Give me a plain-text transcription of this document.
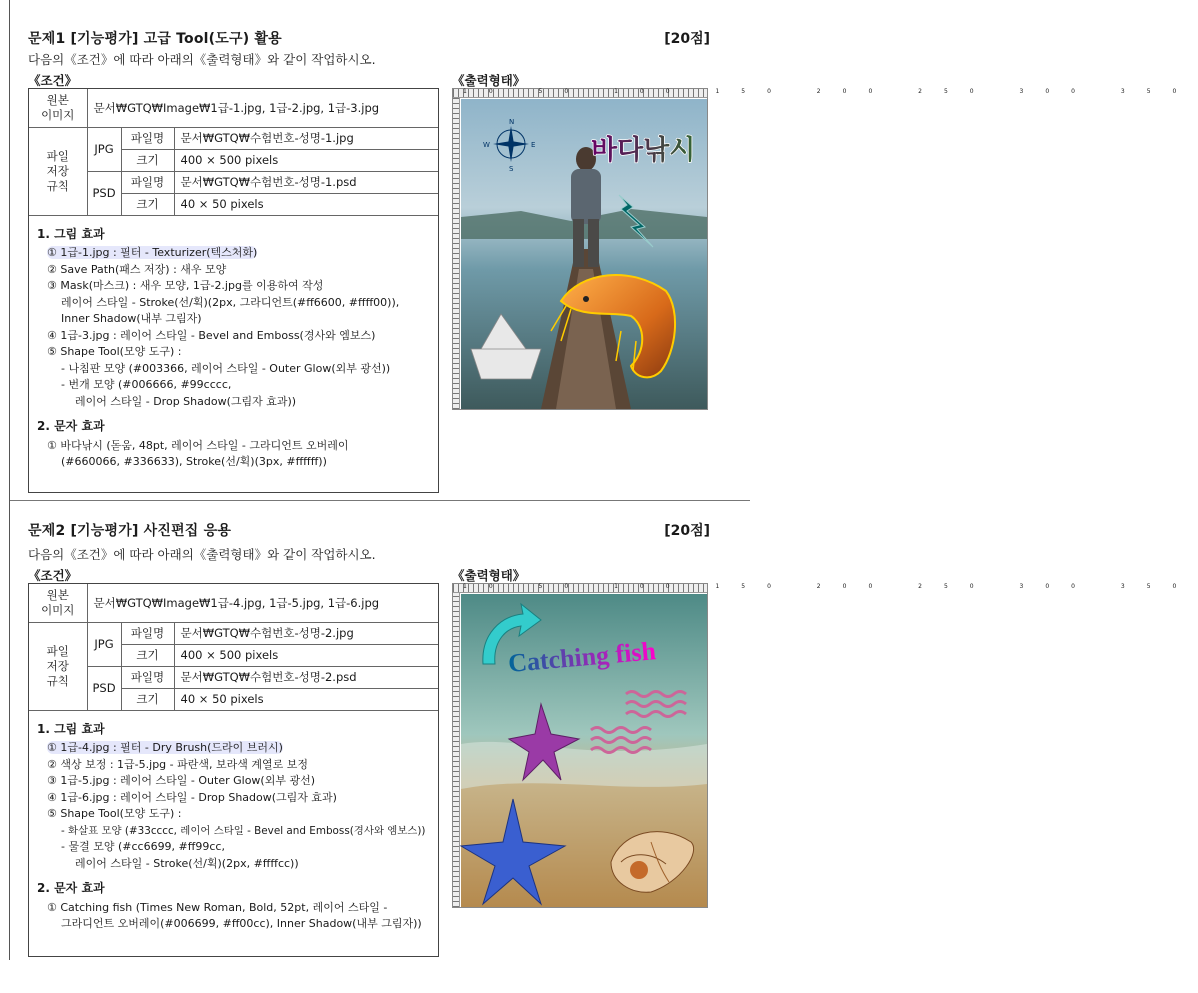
문제1 [기능평가] 고급 Tool(도구) 활용	[20점]
다음의《조건》에 따라 아래의《출력형태》와 같이 작업하시오.
《조건》	《출력형태》
원본
이미지	문서₩GTQ₩Image₩1급-1.jpg, 1급-2.jpg, 1급-3.jpg		
파일
저장
규칙	JPG	파일명	문서₩GTQ₩수험번호-성명-1.jpg
		크기	400 × 500 pixels
	PSD	파일명	문서₩GTQ₩수험번호-성명-1.psd
		크기	40 × 50 pixels
1. 그림 효과
① 1급-1.jpg : 필터 - Texturizer(텍스처화)
② Save Path(패스 저장) : 새우 모양
③ Mask(마스크) : 새우 모양, 1급-2.jpg를 이용하여 작성
레이어 스타일 - Stroke(선/획)(2px, 그라디언트(#ff6600, #ffff00)),
Inner Shadow(내부 그림자)
④ 1급-3.jpg : 레이어 스타일 - Bevel and Emboss(경사와 엠보스)
⑤ Shape Tool(모양 도구) :
- 나침판 모양 (#003366, 레이어 스타일 - Outer Glow(외부 광선))
- 번개 모양 (#006666, #99cccc,
레이어 스타일 - Drop Shadow(그림자 효과))
2. 문자 효과
① 바다낚시 (돋움, 48pt, 레이어 스타일 - 그라디언트 오버레이
(#660066, #336633), Stroke(선/획)(3px, #ffffff))
10 50 100 150 200 250 300 350
N
E
S
W	바다낚시
문제2 [기능평가] 사진편집 응용	[20점]
다음의《조건》에 따라 아래의《출력형태》와 같이 작업하시오.
《조건》	《출력형태》
원본
이미지	문서₩GTQ₩Image₩1급-4.jpg, 1급-5.jpg, 1급-6.jpg		
파일
저장
규칙	JPG	파일명	문서₩GTQ₩수험번호-성명-2.jpg
		크기	400 × 500 pixels
	PSD	파일명	문서₩GTQ₩수험번호-성명-2.psd
		크기	40 × 50 pixels
1. 그림 효과
① 1급-4.jpg : 필터 - Dry Brush(드라이 브러시)
② 색상 보정 : 1급-5.jpg - 파란색, 보라색 계열로 보정
③ 1급-5.jpg : 레이어 스타일 - Outer Glow(외부 광선)
④ 1급-6.jpg : 레이어 스타일 - Drop Shadow(그림자 효과)
⑤ Shape Tool(모양 도구) :
- 화살표 모양 (#33cccc, 레이어 스타일 - Bevel and Emboss(경사와 엠보스))
- 물결 모양 (#cc6699, #ff99cc,
레이어 스타일 - Stroke(선/획)(2px, #ffffcc))
2. 문자 효과
① Catching fish (Times New Roman, Bold, 52pt, 레이어 스타일 -
그라디언트 오버레이(#006699, #ff00cc), Inner Shadow(내부 그림자))
10 50 100 150 200 250 300 350
Catching fish
